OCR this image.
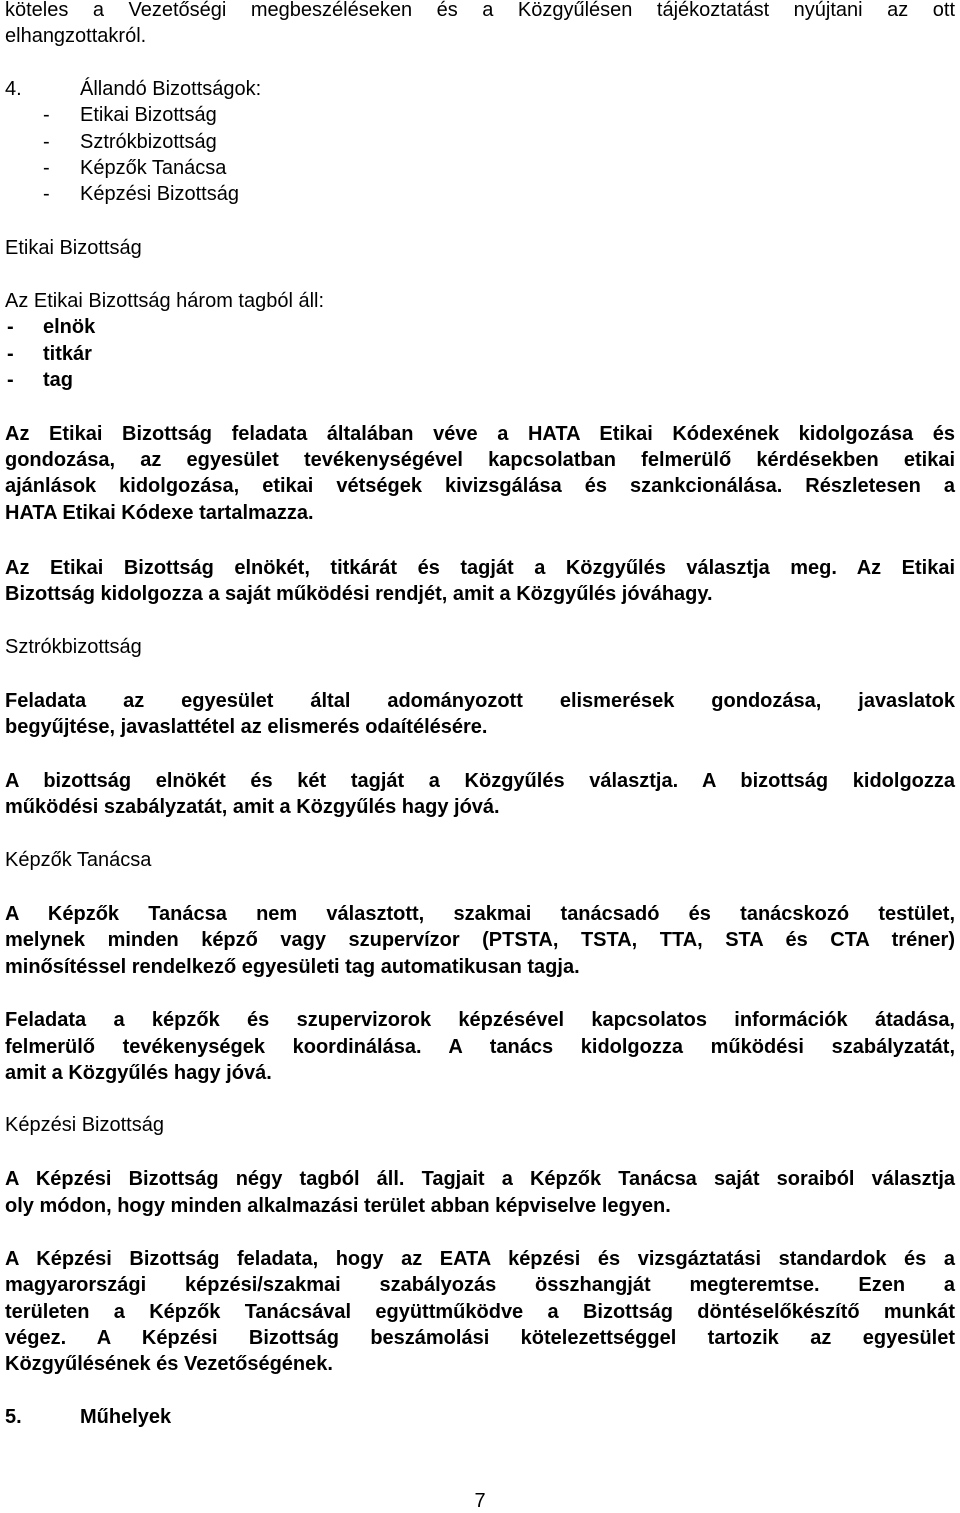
köteles a Vezetőségi megbeszéléseken és a Közgyűlésen tájékoztatást nyújtani az ott
elhangzottakról.
4.	Állandó Bizottságok:
- Etikai Bizottság
- Sztrókbizottság
- Képzők Tanácsa
- Képzési Bizottság
Etikai Bizottság
Az Etikai Bizottság három tagból áll:
- elnök
- titkár
- tag
Az Etikai Bizottság feladata általában véve a HATA Etikai Kódexének kidolgozása és
gondozása, az egyesület tevékenységével kapcsolatban felmerülő kérdésekben etikai
ajánlások kidolgozása, etikai vétségek kivizsgálása és szankcionálása. Részletesen a
HATA Etikai Kódexe tartalmazza.
Az Etikai Bizottság elnökét, titkárát és tagját a Közgyűlés választja meg. Az Etikai
Bizottság kidolgozza a saját működési rendjét, amit a Közgyűlés jóváhagy.
Sztrókbizottság
Feladata az egyesület által adományozott elismerések gondozása, javaslatok
begyűjtése, javaslattétel az elismerés odaítélésére.
A bizottság elnökét és két tagját a Közgyűlés választja. A bizottság kidolgozza
működési szabályzatát, amit a Közgyűlés hagy jóvá.
Képzők Tanácsa
A Képzők Tanácsa nem választott, szakmai tanácsadó és tanácskozó testület,
melynek minden képző vagy szupervízor (PTSTA, TSTA, TTA, STA és CTA tréner)
minősítéssel rendelkező egyesületi tag automatikusan tagja.
Feladata a képzők és szupervizorok képzésével kapcsolatos információk átadása,
felmerülő tevékenységek koordinálása. A tanács kidolgozza működési szabályzatát,
amit a Közgyűlés hagy jóvá.
Képzési Bizottság
A Képzési Bizottság négy tagból áll. Tagjait a Képzők Tanácsa saját soraiból választja
oly módon, hogy minden alkalmazási terület abban képviselve legyen.
A Képzési Bizottság feladata, hogy az EATA képzési és vizsgáztatási standardok és a
magyarországi képzési/szakmai szabályozás összhangját megteremtse. Ezen a
területen a Képzők Tanácsával együttműködve a Bizottság döntéselőkészítő munkát
végez. A Képzési Bizottság beszámolási kötelezettséggel tartozik az egyesület
Közgyűlésének és Vezetőségének.
5.	Műhelyek
7
